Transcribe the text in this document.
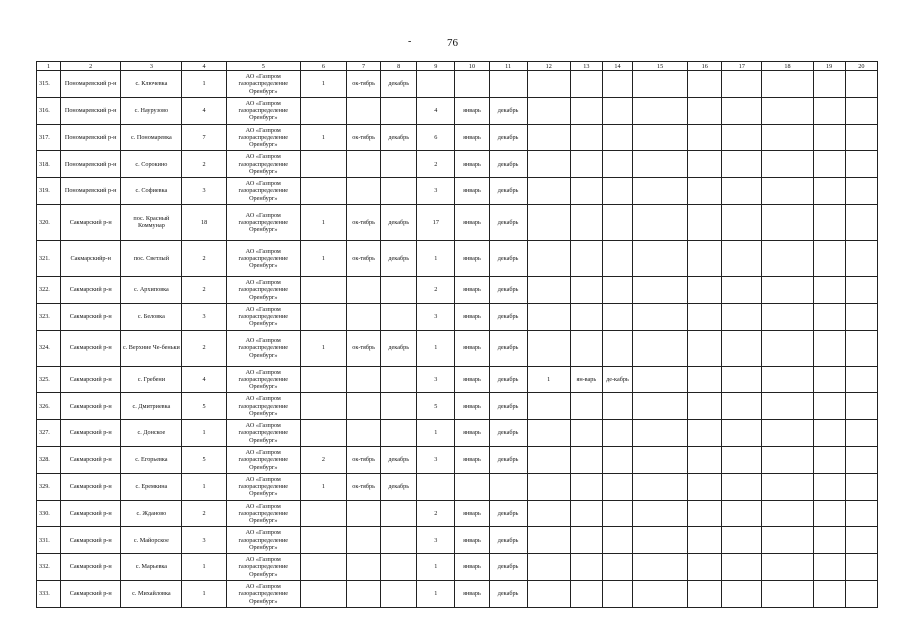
-	76
1	2	3	4	5	6	7	8	9	10	11	12	13	14	15	16	17	18	19	20
315.	Пономаревский р-н	с. Ключевка	1	АО «Газпром газораспределение Оренбург»	1	ок-тябрь	декабрь												
316.	Пономаревский р-н	с. Наурузово	4	АО «Газпром газораспределение Оренбург»				4	январь	декабрь									
317.	Пономаревский р-н	с. Пономаревка	7	АО «Газпром газораспределение Оренбург»	1	ок-тябрь	декабрь	6	январь	декабрь									
318.	Пономаревский р-н	с. Сорокино	2	АО «Газпром газораспределение Оренбург»				2	январь	декабрь									
319.	Пономаревский р-н	с. Софиевка	3	АО «Газпром газораспределение Оренбург»				3	январь	декабрь									
320.	Сакмарский р-н	пос. Красный Коммунар	18	АО «Газпром газораспределение Оренбург»	1	ок-тябрь	декабрь	17	январь	декабрь									
321.	Сакмарскийр-н	пос. Светлый	2	АО «Газпром газораспределение Оренбург»	1	ок-тябрь	декабрь	1	январь	декабрь									
322.	Сакмарский р-н	с. Архиповка	2	АО «Газпром газораспределение Оренбург»				2	январь	декабрь									
323.	Сакмарский р-н	с. Беловка	3	АО «Газпром газораспределение Оренбург»				3	январь	декабрь									
324.	Сакмарский р-н	с. Верхние Че-беньки	2	АО «Газпром газораспределение Оренбург»	1	ок-тябрь	декабрь	1	январь	декабрь									
325.	Сакмарский р-н	с. Гребени	4	АО «Газпром газораспределение Оренбург»				3	январь	декабрь	1	ян-варь	де-кабрь						
326.	Сакмарский р-н	с. Дмитриевка	5	АО «Газпром газораспределение Оренбург»				5	январь	декабрь									
327.	Сакмарский р-н	с. Донское	1	АО «Газпром газораспределение Оренбург»				1	январь	декабрь									
328.	Сакмарский р-н	с. Егорьевка	5	АО «Газпром газораспределение Оренбург»	2	ок-тябрь	декабрь	3	январь	декабрь									
329.	Сакмарский р-н	с. Еремкина	1	АО «Газпром газораспределение Оренбург»	1	ок-тябрь	декабрь												
330.	Сакмарский р-н	с. Жданово	2	АО «Газпром газораспределение Оренбург»				2	январь	декабрь									
331.	Сакмарский р-н	с. Майорское	3	АО «Газпром газораспределение Оренбург»				3	январь	декабрь									
332.	Сакмарский р-н	с. Марьевка	1	АО «Газпром газораспределение Оренбург»				1	январь	декабрь									
333.	Сакмарский р-н	с. Михайловка	1	АО «Газпром газораспределение Оренбург»				1	январь	декабрь									
